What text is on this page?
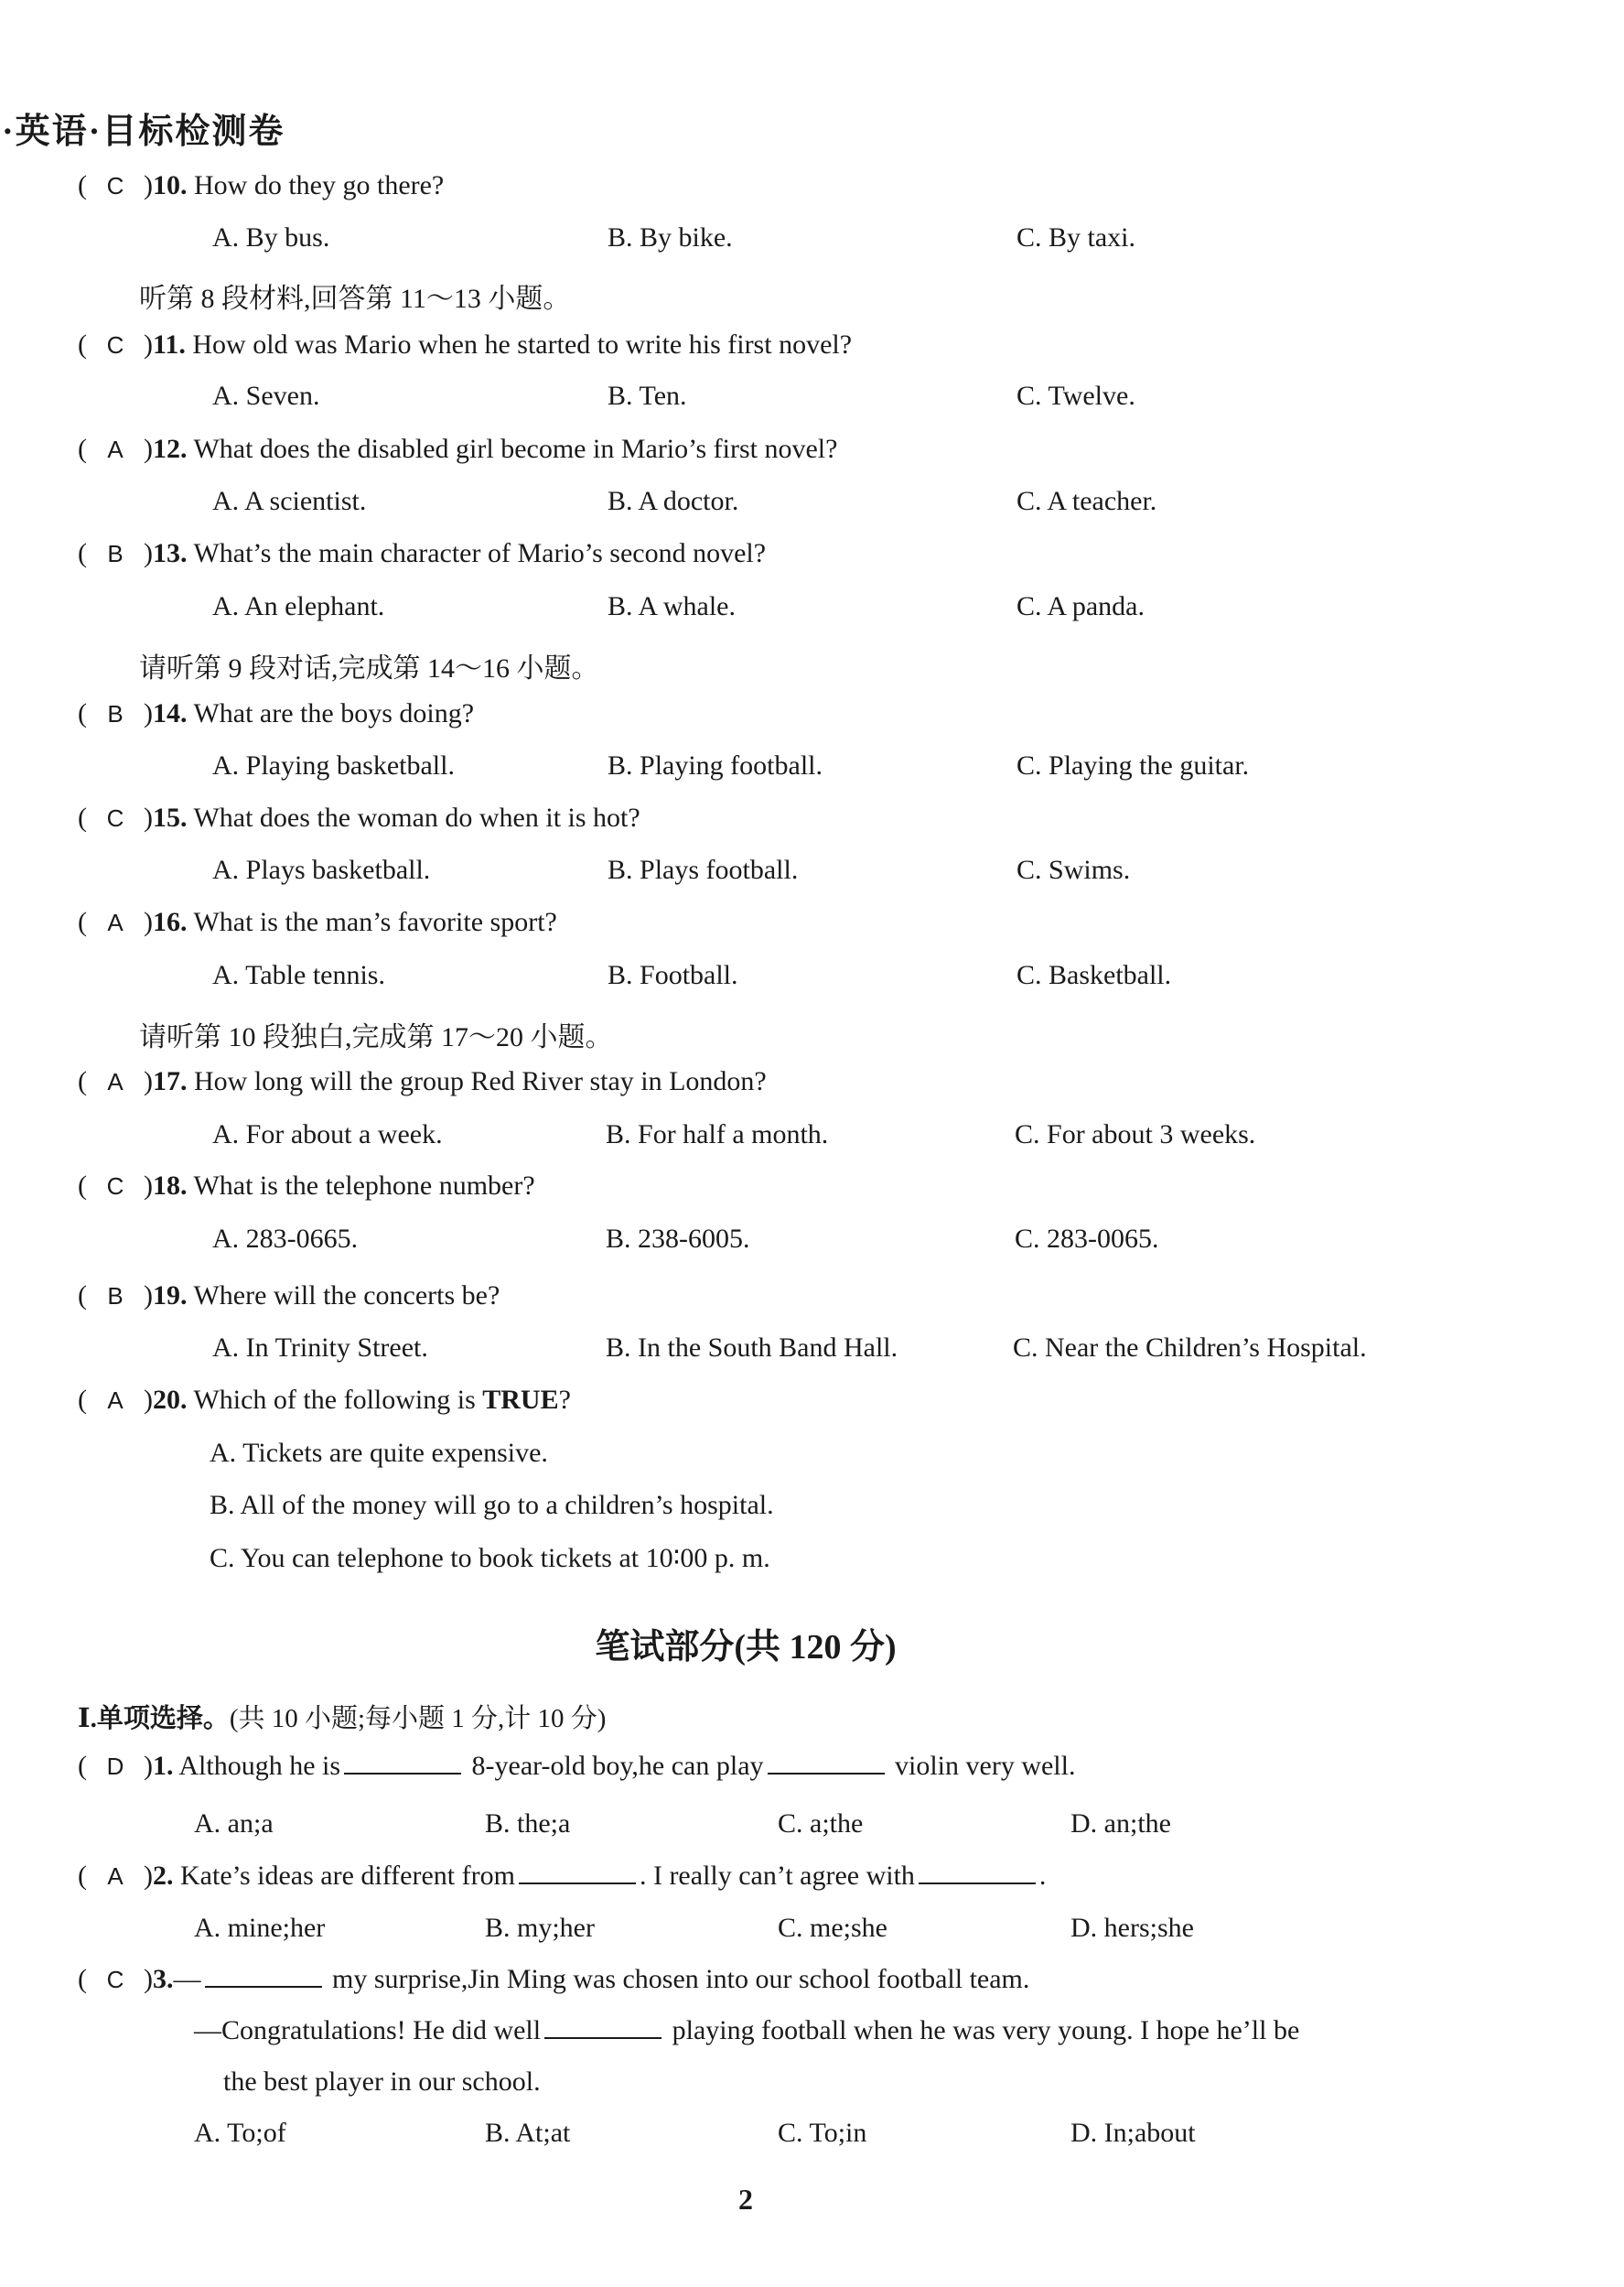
·英语·目标检测卷
( C )10. How do they go there?
A. By bus.	B. By bike.	C. By taxi.
听第 8 段材料,回答第 11～13 小题。
( C )11. How old was Mario when he started to write his first novel?
A. Seven.	B. Ten.	C. Twelve.
( A )12. What does the disabled girl become in Mario’s first novel?
A. A scientist.	B. A doctor.	C. A teacher.
( B )13. What’s the main character of Mario’s second novel?
A. An elephant.	B. A whale.	C. A panda.
请听第 9 段对话,完成第 14～16 小题。
( B )14. What are the boys doing?
A. Playing basketball.	B. Playing football.	C. Playing the guitar.
( C )15. What does the woman do when it is hot?
A. Plays basketball.	B. Plays football.	C. Swims.
( A )16. What is the man’s favorite sport?
A. Table tennis.	B. Football.	C. Basketball.
请听第 10 段独白,完成第 17～20 小题。
( A )17. How long will the group Red River stay in London?
A. For about a week.	B. For half a month.	C. For about 3 weeks.
( C )18. What is the telephone number?
A. 283-0665.	B. 238-6005.	C. 283-0065.
( B )19. Where will the concerts be?
A. In Trinity Street.	B. In the South Band Hall.	C. Near the Children’s Hospital.
( A )20. Which of the following is TRUE?
A. Tickets are quite expensive.
B. All of the money will go to a children’s hospital.
C. You can telephone to book tickets at 10∶00 p. m.
笔试部分(共 120 分)
Ⅰ.单项选择。(共 10 小题;每小题 1 分,计 10 分)
( D )1. Although he is	8-year-old boy,he can play	violin very well.
A. an;a	B. the;a	C. a;the	D. an;the
( A )2. Kate’s ideas are different from	. I really can’t agree with	.
A. mine;her	B. my;her	C. me;she	D. hers;she
( C )3.—	my surprise,Jin Ming was chosen into our school football team.
—Congratulations! He did well	playing football when he was very young. I hope he’ll be
the best player in our school.
A. To;of	B. At;at	C. To;in	D. In;about
2
